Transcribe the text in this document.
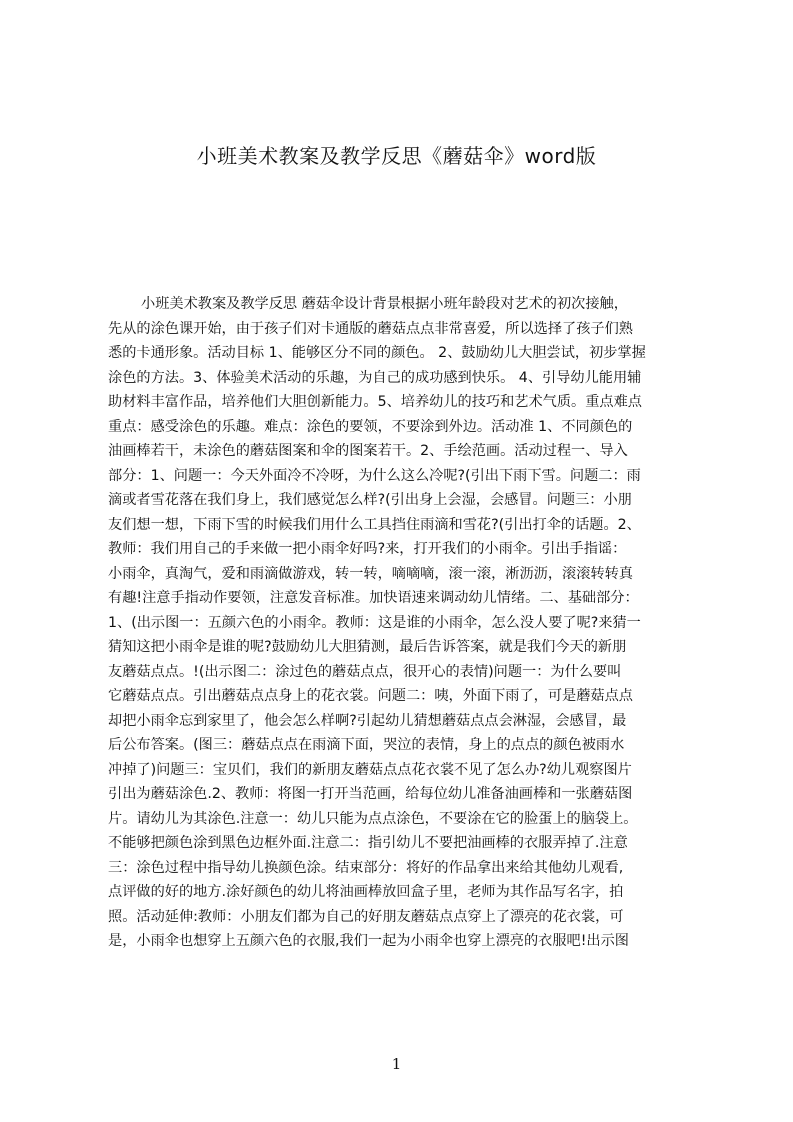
小班美术教案及教学反思《蘑菇伞》word版
小班美术教案及教学反思 蘑菇伞设计背景根据小班年龄段对艺术的初次接触，
先从的涂色课开始，由于孩子们对卡通版的蘑菇点点非常喜爱，所以选择了孩子们熟
悉的卡通形象。活动目标 1、能够区分不同的颜色。 2、鼓励幼儿大胆尝试，初步掌握
涂色的方法。3、体验美术活动的乐趣，为自己的成功感到快乐。 4、引导幼儿能用辅
助材料丰富作品，培养他们大胆创新能力。5、培养幼儿的技巧和艺术气质。重点难点
重点：感受涂色的乐趣。难点：涂色的要领，不要涂到外边。活动准 1、不同颜色的
油画棒若干，未涂色的蘑菇图案和伞的图案若干。2、手绘范画。活动过程一、导入
部分：1、问题一：今天外面冷不冷呀，为什么这么冷呢?(引出下雨下雪。问题二：雨
滴或者雪花落在我们身上，我们感觉怎么样?(引出身上会湿，会感冒。问题三：小朋
友们想一想，下雨下雪的时候我们用什么工具挡住雨滴和雪花?(引出打伞的话题。2、
教师：我们用自己的手来做一把小雨伞好吗?来，打开我们的小雨伞。引出手指谣：
小雨伞，真淘气，爱和雨滴做游戏，转一转，嘀嘀嘀，滚一滚，淅沥沥，滚滚转转真
有趣!注意手指动作要领，注意发音标准。加快语速来调动幼儿情绪。二、基础部分：
1、(出示图一：五颜六色的小雨伞。教师：这是谁的小雨伞，怎么没人要了呢?来猜一
猜知这把小雨伞是谁的呢?鼓励幼儿大胆猜测，最后告诉答案，就是我们今天的新朋
友蘑菇点点。!(出示图二：涂过色的蘑菇点点，很开心的表情)问题一：为什么要叫
它蘑菇点点。引出蘑菇点点身上的花衣裳。问题二：咦，外面下雨了，可是蘑菇点点
却把小雨伞忘到家里了，他会怎么样啊?引起幼儿猜想蘑菇点点会淋湿，会感冒，最
后公布答案。(图三：蘑菇点点在雨滴下面，哭泣的表情，身上的点点的颜色被雨水
冲掉了)问题三：宝贝们，我们的新朋友蘑菇点点花衣裳不见了怎么办?幼儿观察图片
引出为蘑菇涂色.2、教师：将图一打开当范画，给每位幼儿准备油画棒和一张蘑菇图
片。请幼儿为其涂色.注意一：幼儿只能为点点涂色，不要涂在它的脸蛋上的脑袋上。
不能够把颜色涂到黑色边框外面.注意二：指引幼儿不要把油画棒的衣服弄掉了.注意
三：涂色过程中指导幼儿换颜色涂。结束部分：将好的作品拿出来给其他幼儿观看,
点评做的好的地方.涂好颜色的幼儿将油画棒放回盒子里，老师为其作品写名字，拍
照。活动延伸:教师：小朋友们都为自己的好朋友蘑菇点点穿上了漂亮的花衣裳，可
是，小雨伞也想穿上五颜六色的衣服,我们一起为小雨伞也穿上漂亮的衣服吧!出示图
1
